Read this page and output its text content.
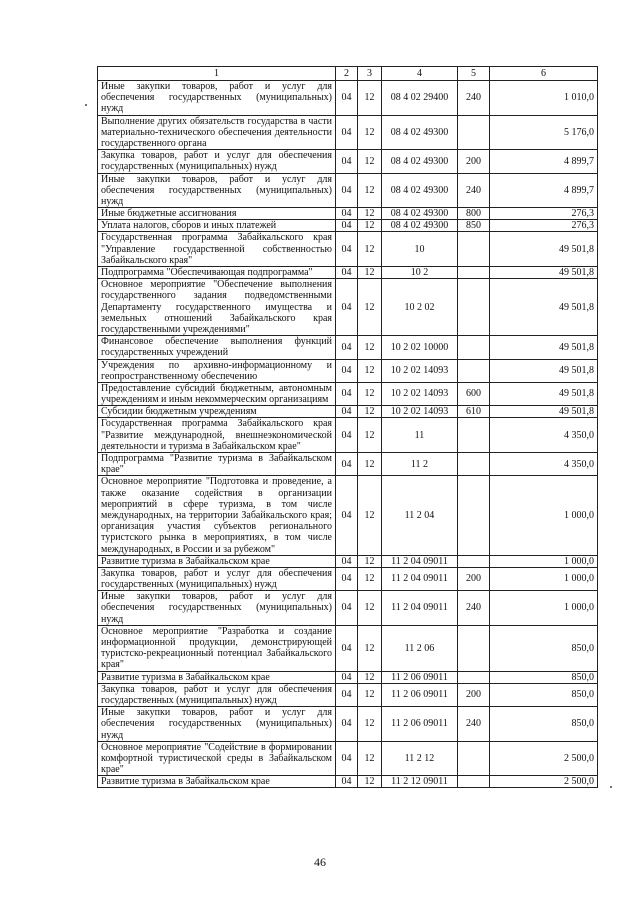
1	2	3	4	5	6
Иные закупки товаров, работ и услуг для обеспечения государственных (муниципальных) нужд	04	12	08 4 02 29400	240	1 010,0
Выполнение других обязательств государства в части материально-технического обеспечения деятельности государственного органа	04	12	08 4 02 49300		5 176,0
Закупка товаров, работ и услуг для обеспечения государственных (муниципальных) нужд	04	12	08 4 02 49300	200	4 899,7
Иные закупки товаров, работ и услуг для обеспечения государственных (муниципальных) нужд	04	12	08 4 02 49300	240	4 899,7
Иные бюджетные ассигнования	04	12	08 4 02 49300	800	276,3
Уплата налогов, сборов и иных платежей	04	12	08 4 02 49300	850	276,3
Государственная программа Забайкальского края "Управление государственной собственностью Забайкальского края"	04	12	10		49 501,8
Подпрограмма "Обеспечивающая подпрограмма"	04	12	10 2		49 501,8
Основное мероприятие "Обеспечение выполнения государственного задания подведомственными Департаменту государственного имущества и земельных отношений Забайкальского края государственными учреждениями"	04	12	10 2 02		49 501,8
Финансовое обеспечение выполнения функций государственных учреждений	04	12	10 2 02 10000		49 501,8
Учреждения по архивно-информационному и геопространственному обеспечению	04	12	10 2 02 14093		49 501,8
Предоставление субсидий бюджетным, автономным учреждениям и иным некоммерческим организациям	04	12	10 2 02 14093	600	49 501,8
Субсидии бюджетным учреждениям	04	12	10 2 02 14093	610	49 501,8
Государственная программа Забайкальского края "Развитие международной, внешнеэкономической деятельности и туризма в Забайкальском крае"	04	12	11		4 350,0
Подпрограмма "Развитие туризма в Забайкальском крае"	04	12	11 2		4 350,0
Основное мероприятие "Подготовка и проведение, а также оказание содействия в организации мероприятий в сфере туризма, в том числе международных, на территории Забайкальского края; организация участия субъектов регионального туристского рынка в мероприятиях, в том числе международных, в России и за рубежом"	04	12	11 2 04		1 000,0
Развитие туризма в Забайкальском крае	04	12	11 2 04 09011		1 000,0
Закупка товаров, работ и услуг для обеспечения государственных (муниципальных) нужд	04	12	11 2 04 09011	200	1 000,0
Иные закупки товаров, работ и услуг для обеспечения государственных (муниципальных) нужд	04	12	11 2 04 09011	240	1 000,0
Основное мероприятие "Разработка и создание информационной продукции, демонстрирующей туристско-рекреационный потенциал Забайкальского края"	04	12	11 2 06		850,0
Развитие туризма в Забайкальском крае	04	12	11 2 06 09011		850,0
Закупка товаров, работ и услуг для обеспечения государственных (муниципальных) нужд	04	12	11 2 06 09011	200	850,0
Иные закупки товаров, работ и услуг для обеспечения государственных (муниципальных) нужд	04	12	11 2 06 09011	240	850,0
Основное мероприятие "Содействие в формировании комфортной туристической среды в Забайкальском крае"	04	12	11 2 12		2 500,0
Развитие туризма в Забайкальском крае	04	12	11 2 12 09011		2 500,0
46
